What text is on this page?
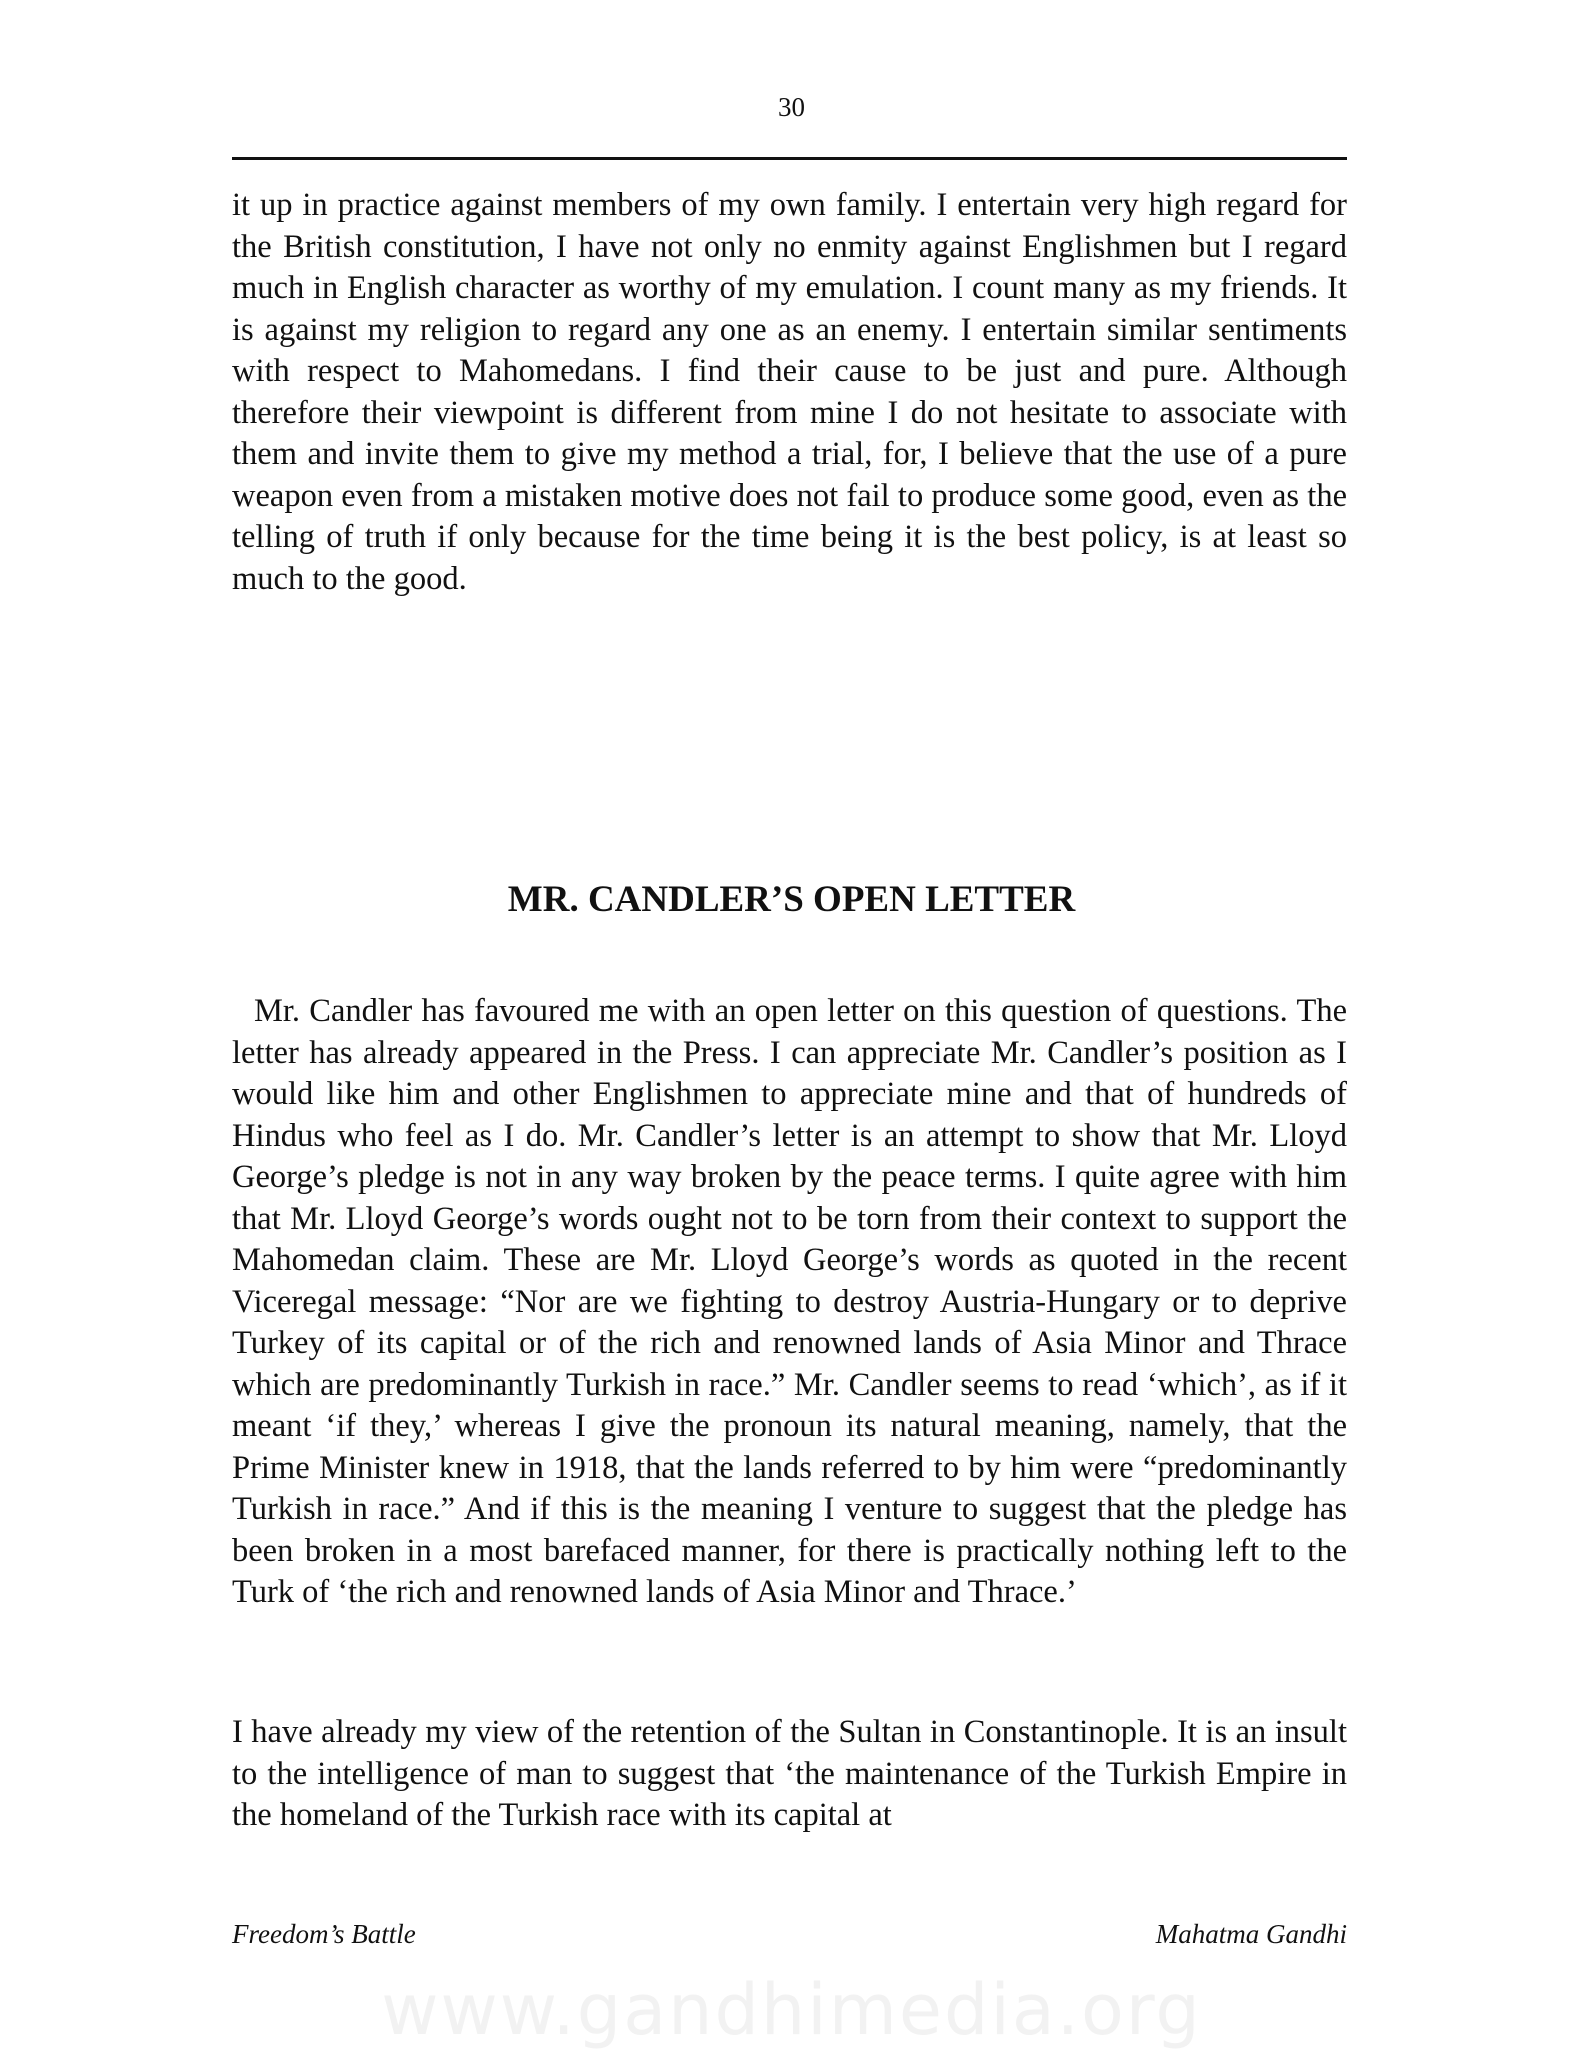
30

it up in practice against members of my own family. I entertain very high regard for the British constitution, I have not only no enmity against Englishmen but I regard much in English character as worthy of my emulation. I count many as my friends. It is against my religion to regard any one as an enemy. I entertain similar sentiments with respect to Mahomedans. I find their cause to be just and pure. Although therefore their viewpoint is different from mine I do not hesitate to associate with them and invite them to give my method a trial, for, I believe that the use of a pure weapon even from a mistaken motive does not fail to produce some good, even as the telling of truth if only because for the time being it is the best policy, is at least so much to the good.

MR. CANDLER’S OPEN LETTER

Mr. Candler has favoured me with an open letter on this question of questions. The letter has already appeared in the Press. I can appreciate Mr. Candler’s position as I would like him and other Englishmen to appreciate mine and that of hundreds of Hindus who feel as I do. Mr. Candler’s letter is an attempt to show that Mr. Lloyd George’s pledge is not in any way broken by the peace terms. I quite agree with him that Mr. Lloyd George’s words ought not to be torn from their context to support the Mahomedan claim. These are Mr. Lloyd George’s words as quoted in the recent Viceregal message: “Nor are we fighting to destroy Austria-Hungary or to deprive Turkey of its capital or of the rich and renowned lands of Asia Minor and Thrace which are predominantly Turkish in race.” Mr. Candler seems to read ‘which’, as if it meant ‘if they,’ whereas I give the pronoun its natural meaning, namely, that the Prime Minister knew in 1918, that the lands referred to by him were “predominantly Turkish in race.” And if this is the meaning I venture to suggest that the pledge has been broken in a most barefaced manner, for there is practically nothing left to the Turk of ‘the rich and renowned lands of Asia Minor and Thrace.’

I have already my view of the retention of the Sultan in Constantinople. It is an insult to the intelligence of man to suggest that ‘the maintenance of the Turkish Empire in the homeland of the Turkish race with its capital at

Freedom’s Battle	Mahatma Gandhi
www.gandhimedia.org
